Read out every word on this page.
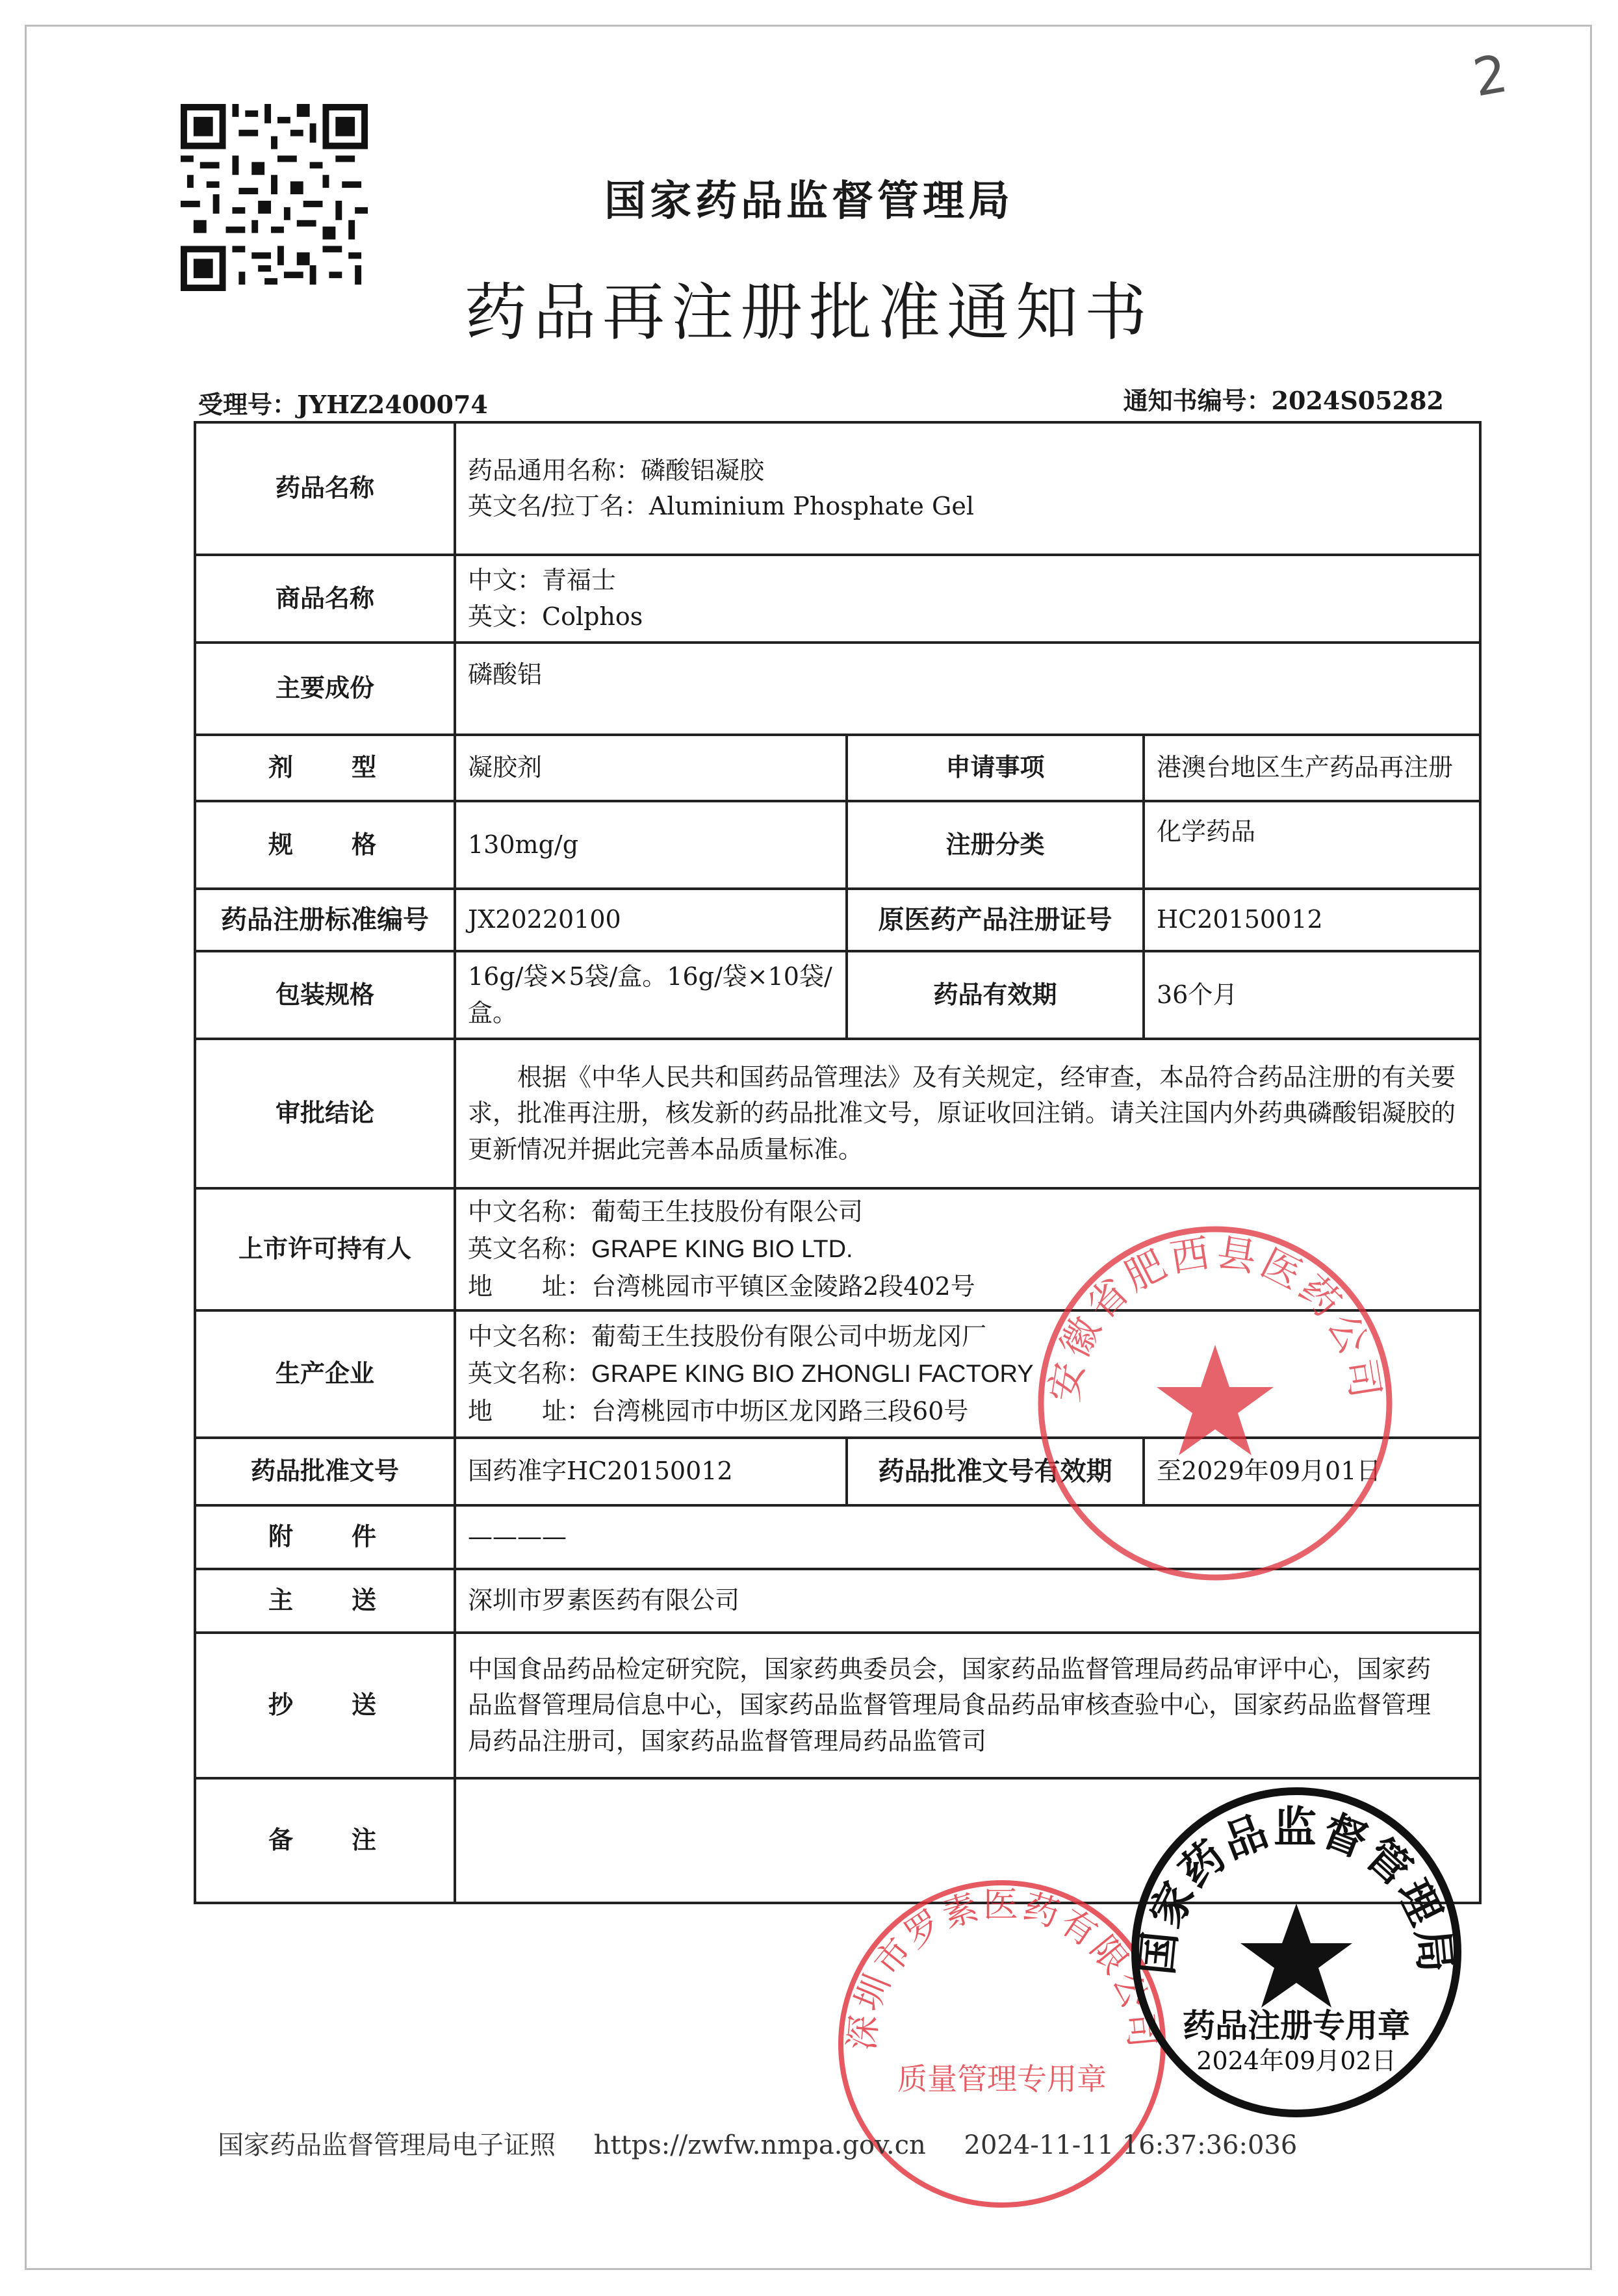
2
国家药品监督管理局
药品再注册批准通知书
受理号：JYHZ2400074	通知书编号：2024S05282
药品名称	药品通用名称：磷酸铝凝胶
英文名/拉丁名：Aluminium Phosphate Gel		

商品名称	中文：青福士
英文：Colphos		

主要成份	磷酸铝		
剂型	凝胶剂	申请事项	港澳台地区生产药品再注册
规格	130mg/g	注册分类	化学药品
药品注册标准编号	JX20220100	原医药产品注册证号	HC20150012
包装规格	16g/袋×5袋/盒。16g/袋×10袋/盒。	药品有效期	36个月
审批结论	根据《中华人民共和国药品管理法》及有关规定，经审查，本品符合药品注册的有关要求，批准再注册，核发新的药品批准文号，原证收回注销。请关注国内外药典磷酸铝凝胶的更新情况并据此完善本品质量标准。		
上市许可持有人	中文名称：葡萄王生技股份有限公司
英文名称：GRAPE KING BIO LTD.
地　　址：台湾桃园市平镇区金陵路2段402号		

生产企业	中文名称：葡萄王生技股份有限公司中坜龙冈厂
英文名称：GRAPE KING BIO ZHONGLI FACTORY
地　　址：台湾桃园市中坜区龙冈路三段60号		

药品批准文号	国药准字HC20150012	药品批准文号有效期	至2029年09月01日
附件	————		
主送	深圳市罗素医药有限公司		
抄送	中国食品药品检定研究院，国家药典委员会，国家药品监督管理局药品审评中心，国家药品监督管理局信息中心，国家药品监督管理局食品药品审核查验中心，国家药品监督管理局药品注册司，国家药品监督管理局药品监管司		
备注			
安徽省肥西县医药公司
深圳市罗素医药有限公司
质量管理专用章
国家药品监督管理局
药品注册专用章
2024年09月02日
国家药品监督管理局电子证照 https://zwfw.nmpa.gov.cn 2024-11-11 16:37:36:036
